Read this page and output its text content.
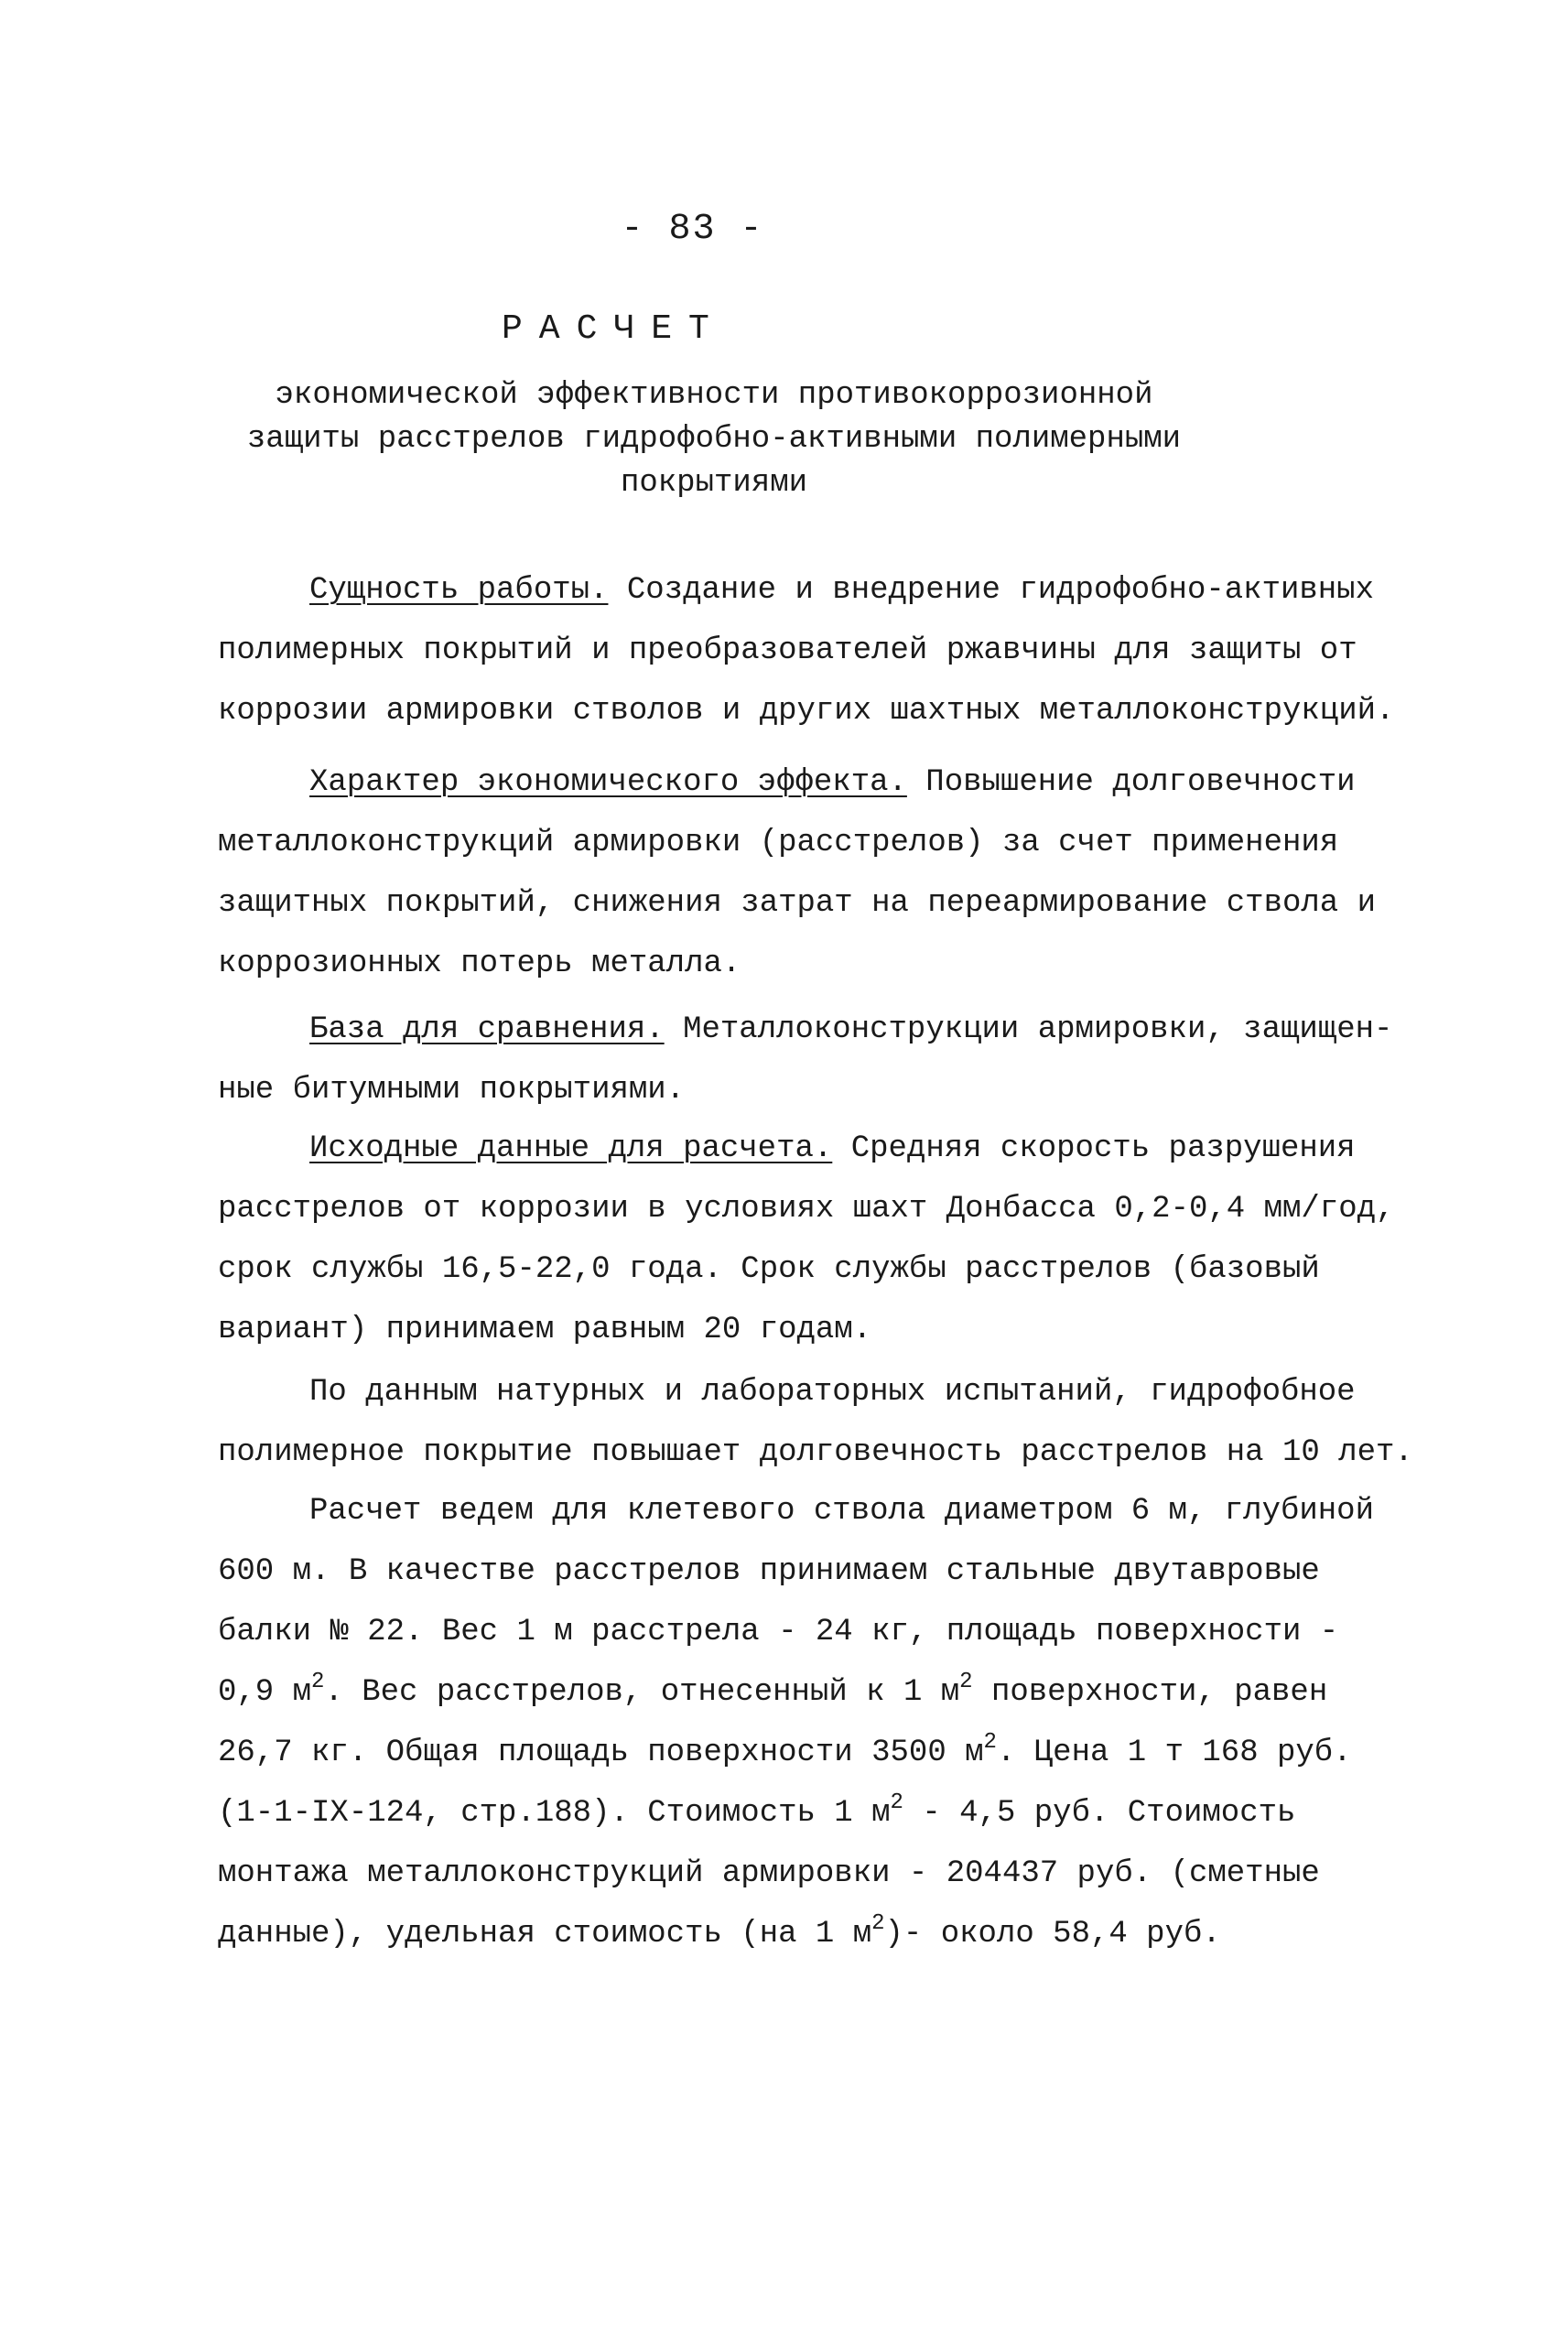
- 83 -
РАСЧЕТ
экономической эффективности противокоррозионной
защиты расстрелов гидрофобно-активными полимерными
покрытиями
Сущность работы. Создание и внедрение гидрофобно-активных
полимерных покрытий и преобразователей ржавчины для защиты от
коррозии армировки стволов и других шахтных металлоконструкций.
Характер экономического эффекта. Повышение долговечности
металлоконструкций армировки (расстрелов) за счет применения
защитных покрытий, снижения затрат на переармирование ствола и
коррозионных потерь металла.
База для сравнения. Металлоконструкции армировки, защищен-
ные битумными покрытиями.
Исходные данные для расчета. Средняя скорость разрушения
расстрелов от коррозии в условиях шахт Донбасса 0,2-0,4 мм/год,
срок службы 16,5-22,0 года. Срок службы расстрелов (базовый
вариант) принимаем равным 20 годам.
По данным натурных и лабораторных испытаний, гидрофобное
полимерное покрытие повышает долговечность расстрелов на 10 лет.
Расчет ведем для клетевого ствола диаметром 6 м, глубиной
600 м. В качестве расстрелов принимаем стальные двутавровые
балки № 22. Вес 1 м расстрела - 24 кг, площадь поверхности -
0,9 $м^2$. Вес расстрелов, отнесенный к 1 $м^2$ поверхности, равен
26,7 кг. Общая площадь поверхности 3500 $м^2$. Цена 1 т 168 руб.
(1-1-IX-124, стр.188). Стоимость 1 $м^2 - 4,5$ руб. Стоимость
монтажа металлоконструкций армировки - 204437 руб. (сметные
данные), удельная стоимость (на 1 $м^2)-$ около 58,4 руб.
